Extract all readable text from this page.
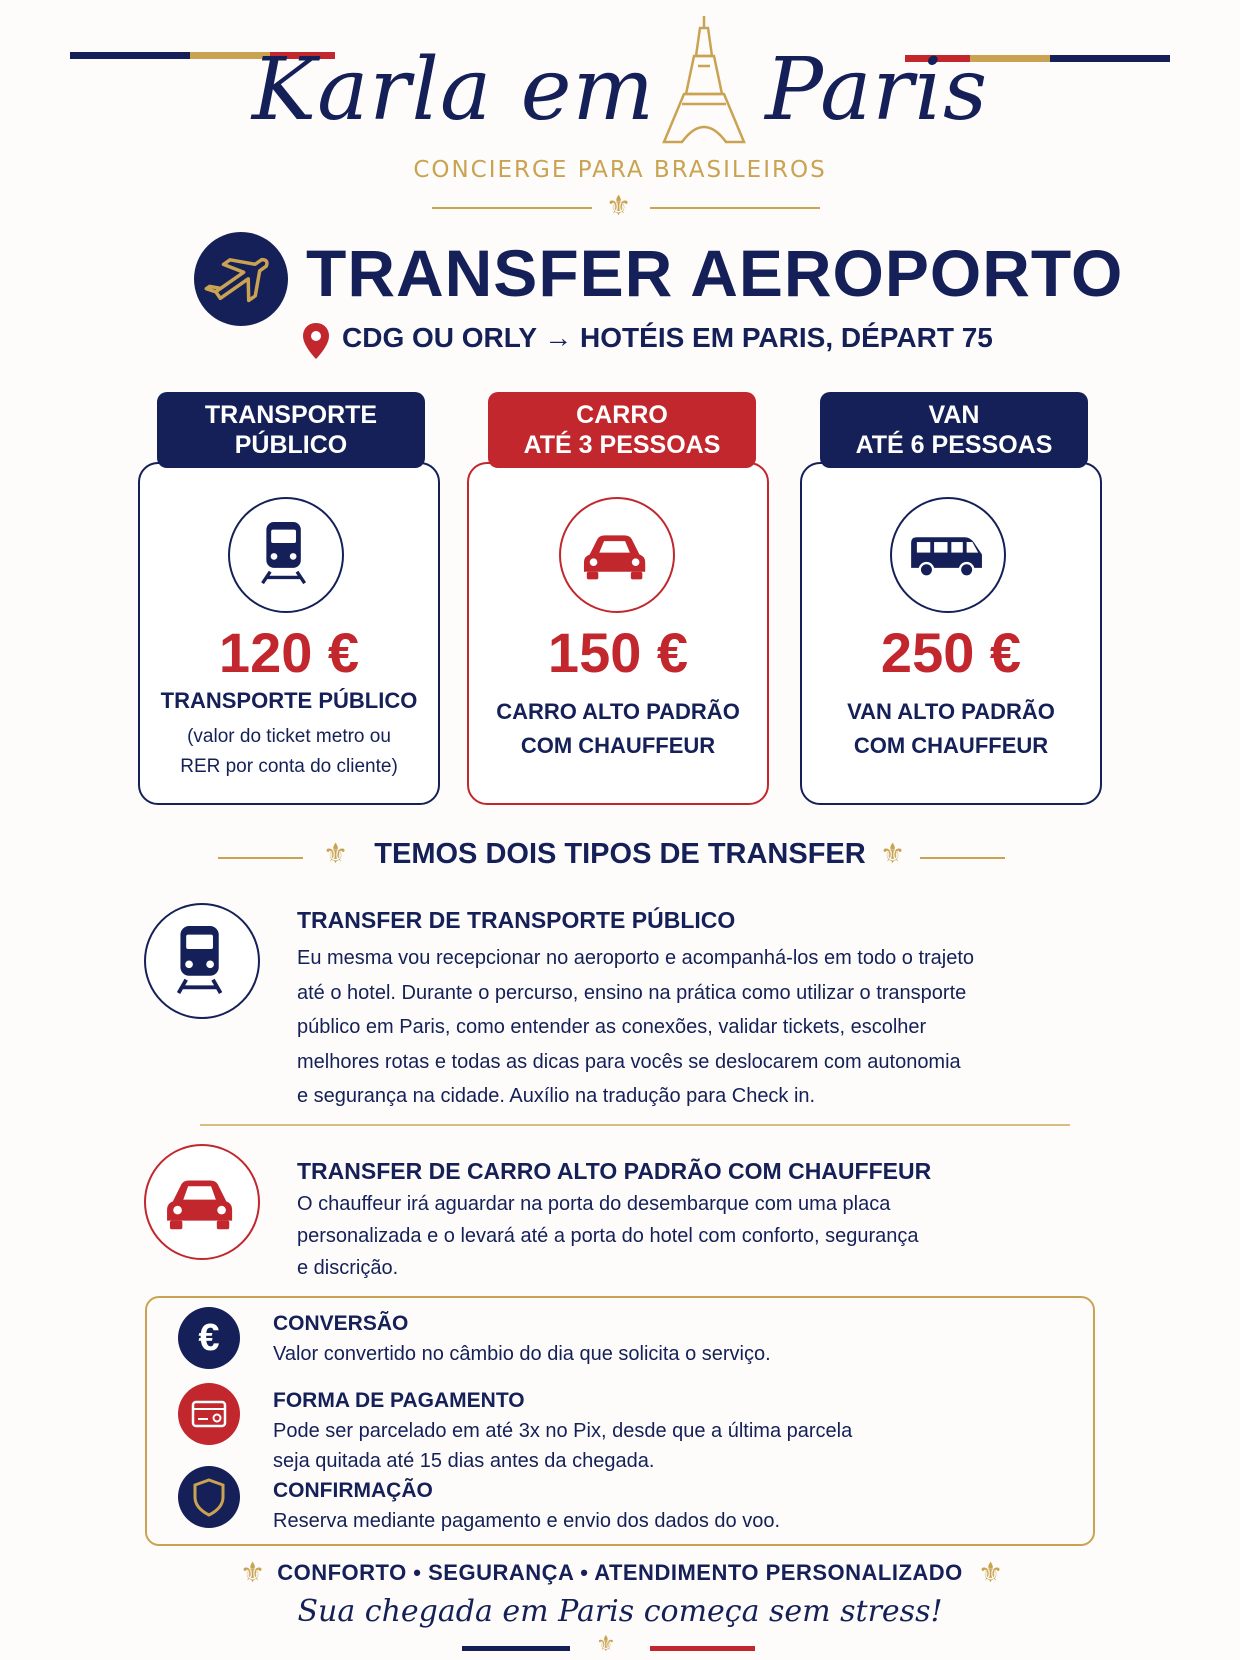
Karla em Paris
CONCIERGE PARA BRASILEIROS
⚜
TRANSFER AEROPORTO
CDG OU ORLY → HOTÉIS EM PARIS, DÉPART 75
TRANSPORTE
PÚBLICO
120 €
TRANSPORTE PÚBLICO
(valor do ticket metro ou
RER por conta do cliente)
CARRO
ATÉ 3 PESSOAS
150 €
CARRO ALTO PADRÃO
COM CHAUFFEUR
VAN
ATÉ 6 PESSOAS
250 €
VAN ALTO PADRÃO
COM CHAUFFEUR
⚜ TEMOS DOIS TIPOS DE TRANSFER ⚜
TRANSFER DE TRANSPORTE PÚBLICO
Eu mesma vou recepcionar no aeroporto e acompanhá-los em todo o trajeto
até o hotel. Durante o percurso, ensino na prática como utilizar o transporte
público em Paris, como entender as conexões, validar tickets, escolher
melhores rotas e todas as dicas para vocês se deslocarem com autonomia
e segurança na cidade. Auxílio na tradução para Check in.
TRANSFER DE CARRO ALTO PADRÃO COM CHAUFFEUR
O chauffeur irá aguardar na porta do desembarque com uma placa
personalizada e o levará até a porta do hotel com conforto, segurança
e discrição.
€	CONVERSÃO
Valor convertido no câmbio do dia que solicita o serviço.
FORMA DE PAGAMENTO
Pode ser parcelado em até 3x no Pix, desde que a última parcela
seja quitada até 15 dias antes da chegada.
CONFIRMAÇÃO
Reserva mediante pagamento e envio dos dados do voo.
⚜ CONFORTO • SEGURANÇA • ATENDIMENTO PERSONALIZADO ⚜
Sua chegada em Paris começa sem stress!
⚜
